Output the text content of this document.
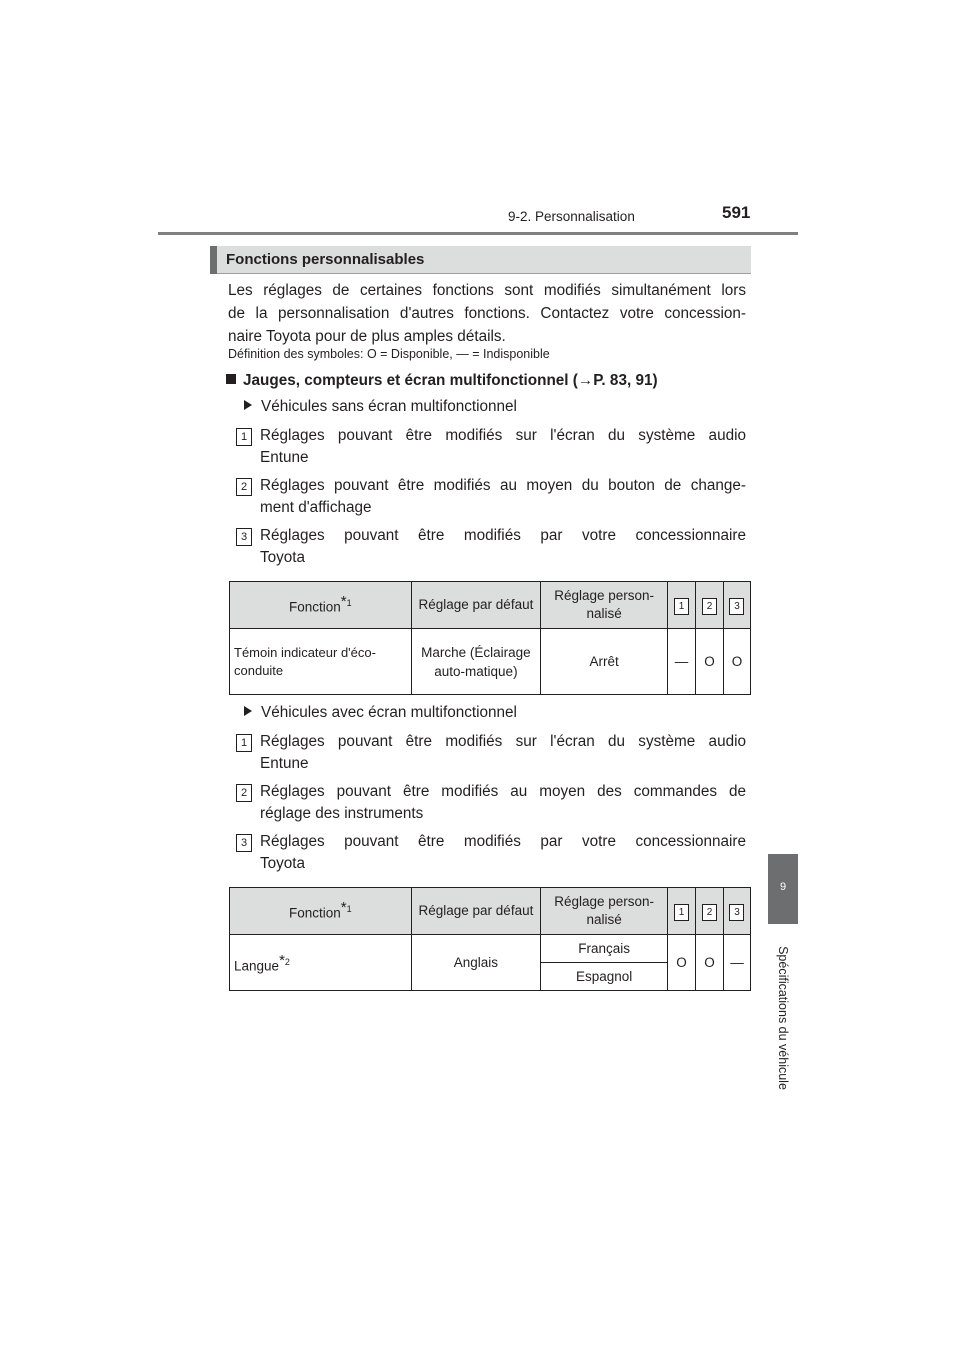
9-2. Personnalisation	591
9
Spécifications du véhicule
Fonctions personnalisables
Les réglages de certaines fonctions sont modifiés simultanément lors
de la personnalisation d'autres fonctions. Contactez votre concession-
naire Toyota pour de plus amples détails.
Définition des symboles: O = Disponible, — = Indisponible
Jauges, compteurs et écran multifonctionnel (→P. 83, 91)
Véhicules sans écran multifonctionnel
1 Réglages pouvant être modifiés sur l'écran du système audio
Entune
2 Réglages pouvant être modifiés au moyen du bouton de change-
ment d'affichage
3 Réglages pouvant être modifiés par votre concessionnaire
Toyota
Fonction$^{*1}$	Réglage par défaut	Réglage person-nalisé	1	2	3
Témoin indicateur d'éco-conduite	Marche (Éclairage auto-matique)	Arrêt	—	O	O
Véhicules avec écran multifonctionnel
1 Réglages pouvant être modifiés sur l'écran du système audio
Entune
2 Réglages pouvant être modifiés au moyen des commandes de
réglage des instruments
3 Réglages pouvant être modifiés par votre concessionnaire
Toyota
Fonction$^{*1}$	Réglage par défaut	Réglage person-nalisé	1	2	3
Langue$^{*2}$	Anglais	Français	O	O	—
		Espagnol			
